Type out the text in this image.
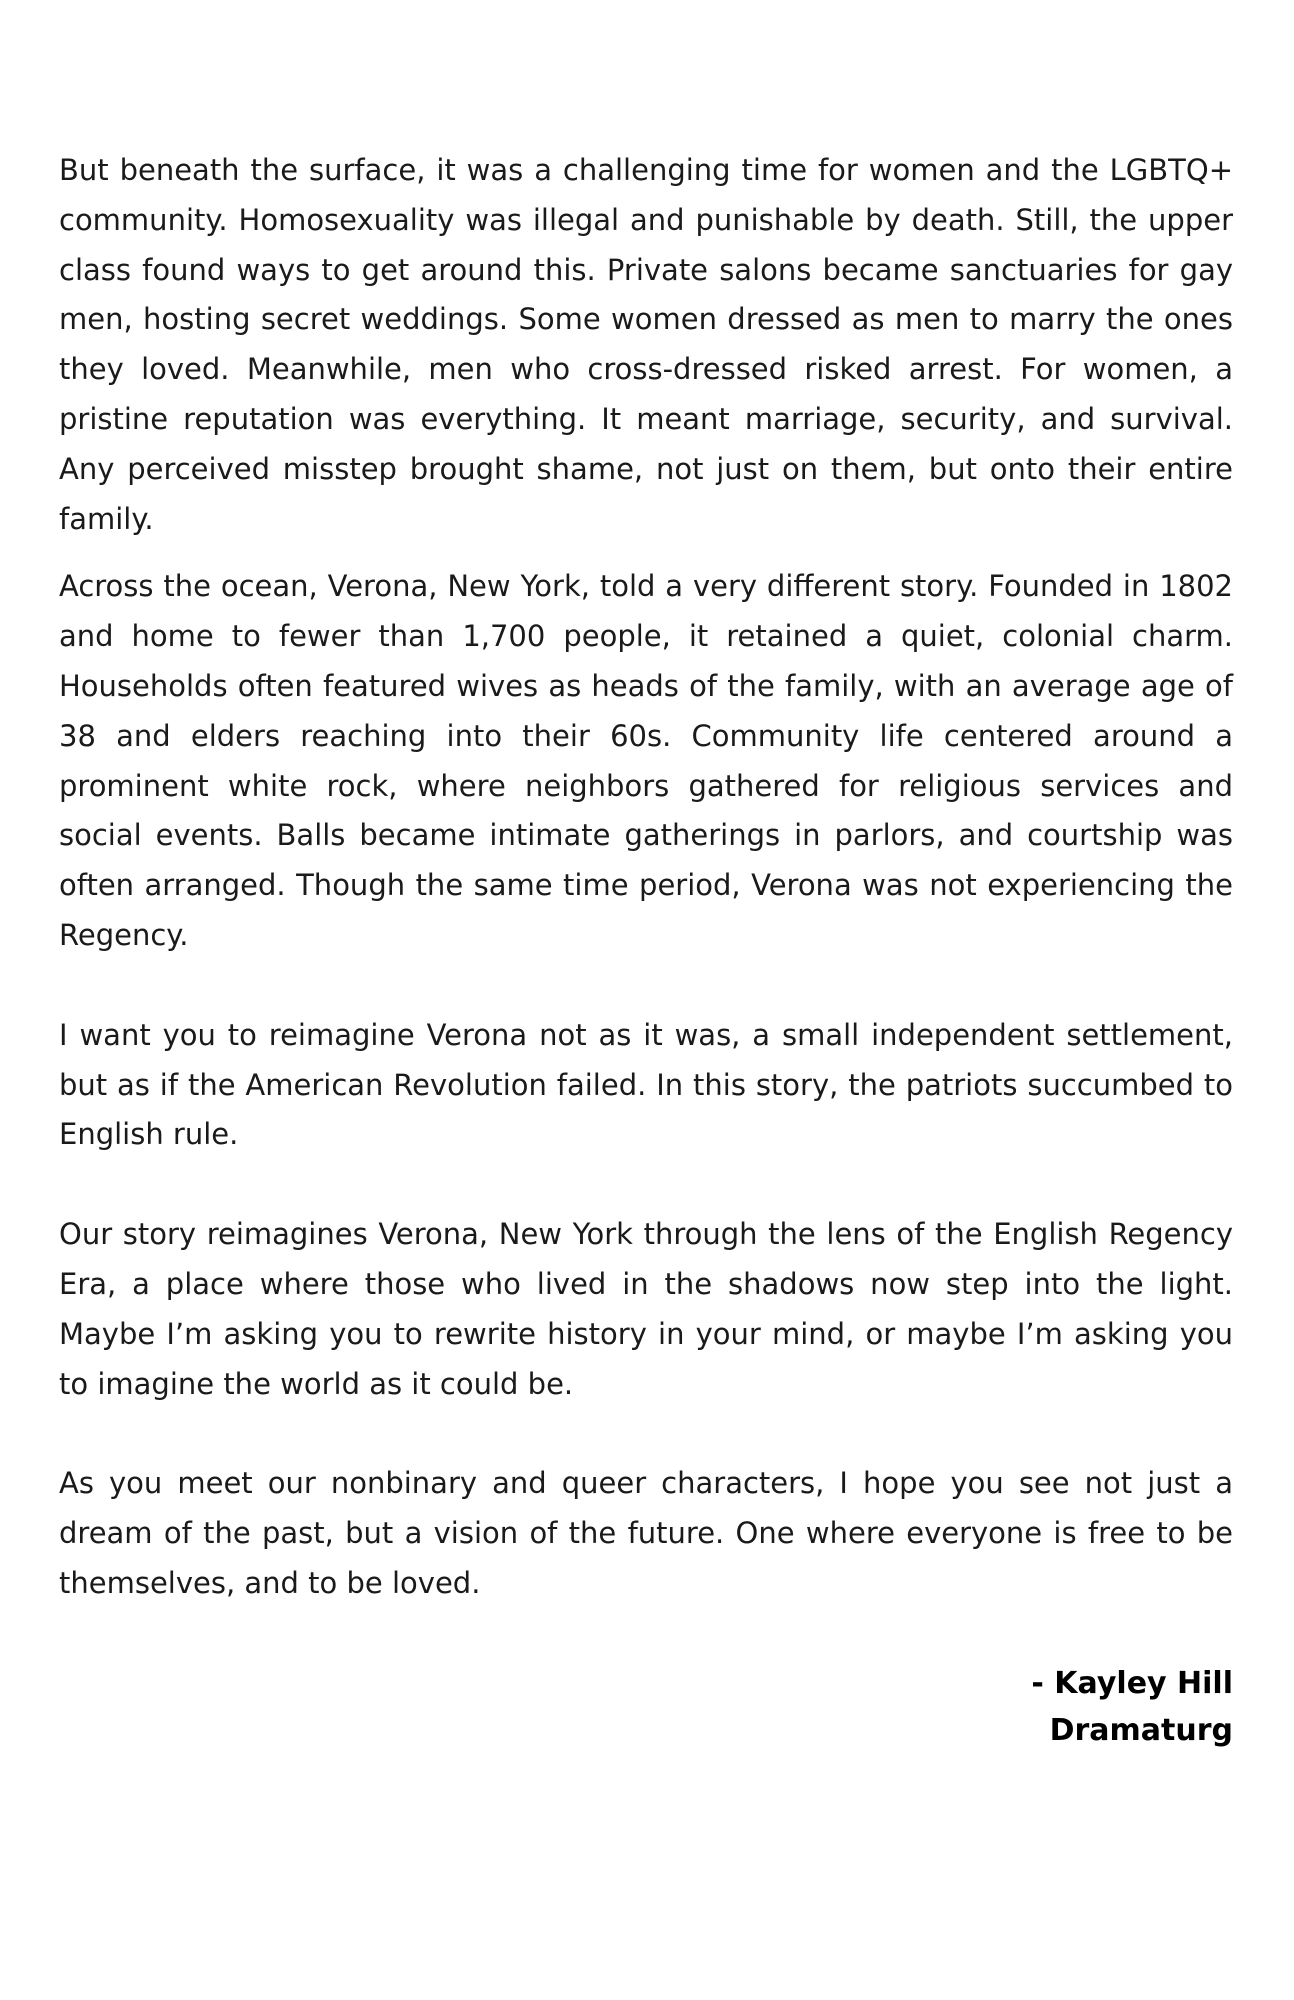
But beneath the surface, it was a challenging time for women and the LGBTQ+ community. Homosexuality was illegal and punishable by death. Still, the upper class found ways to get around this. Private salons became sanctuaries for gay men, hosting secret weddings. Some women dressed as men to marry the ones they loved. Meanwhile, men who cross-dressed risked arrest. For women, a pristine reputation was everything. It meant marriage, security, and survival. Any perceived misstep brought shame, not just on them, but onto their entire family.

Across the ocean, Verona, New York, told a very different story. Founded in 1802 and home to fewer than 1,700 people, it retained a quiet, colonial charm. Households often featured wives as heads of the family, with an average age of 38 and elders reaching into their 60s. Community life centered around a prominent white rock, where neighbors gathered for religious services and social events. Balls became intimate gatherings in parlors, and courtship was often arranged. Though the same time period, Verona was not experiencing the Regency.

I want you to reimagine Verona not as it was, a small independent settlement, but as if the American Revolution failed. In this story, the patriots succumbed to English rule.

Our story reimagines Verona, New York through the lens of the English Regency Era, a place where those who lived in the shadows now step into the light. Maybe I’m asking you to rewrite history in your mind, or maybe I’m asking you to imagine the world as it could be.

As you meet our nonbinary and queer characters, I hope you see not just a dream of the past, but a vision of the future. One where everyone is free to be themselves, and to be loved.

- Kayley Hill
Dramaturg
